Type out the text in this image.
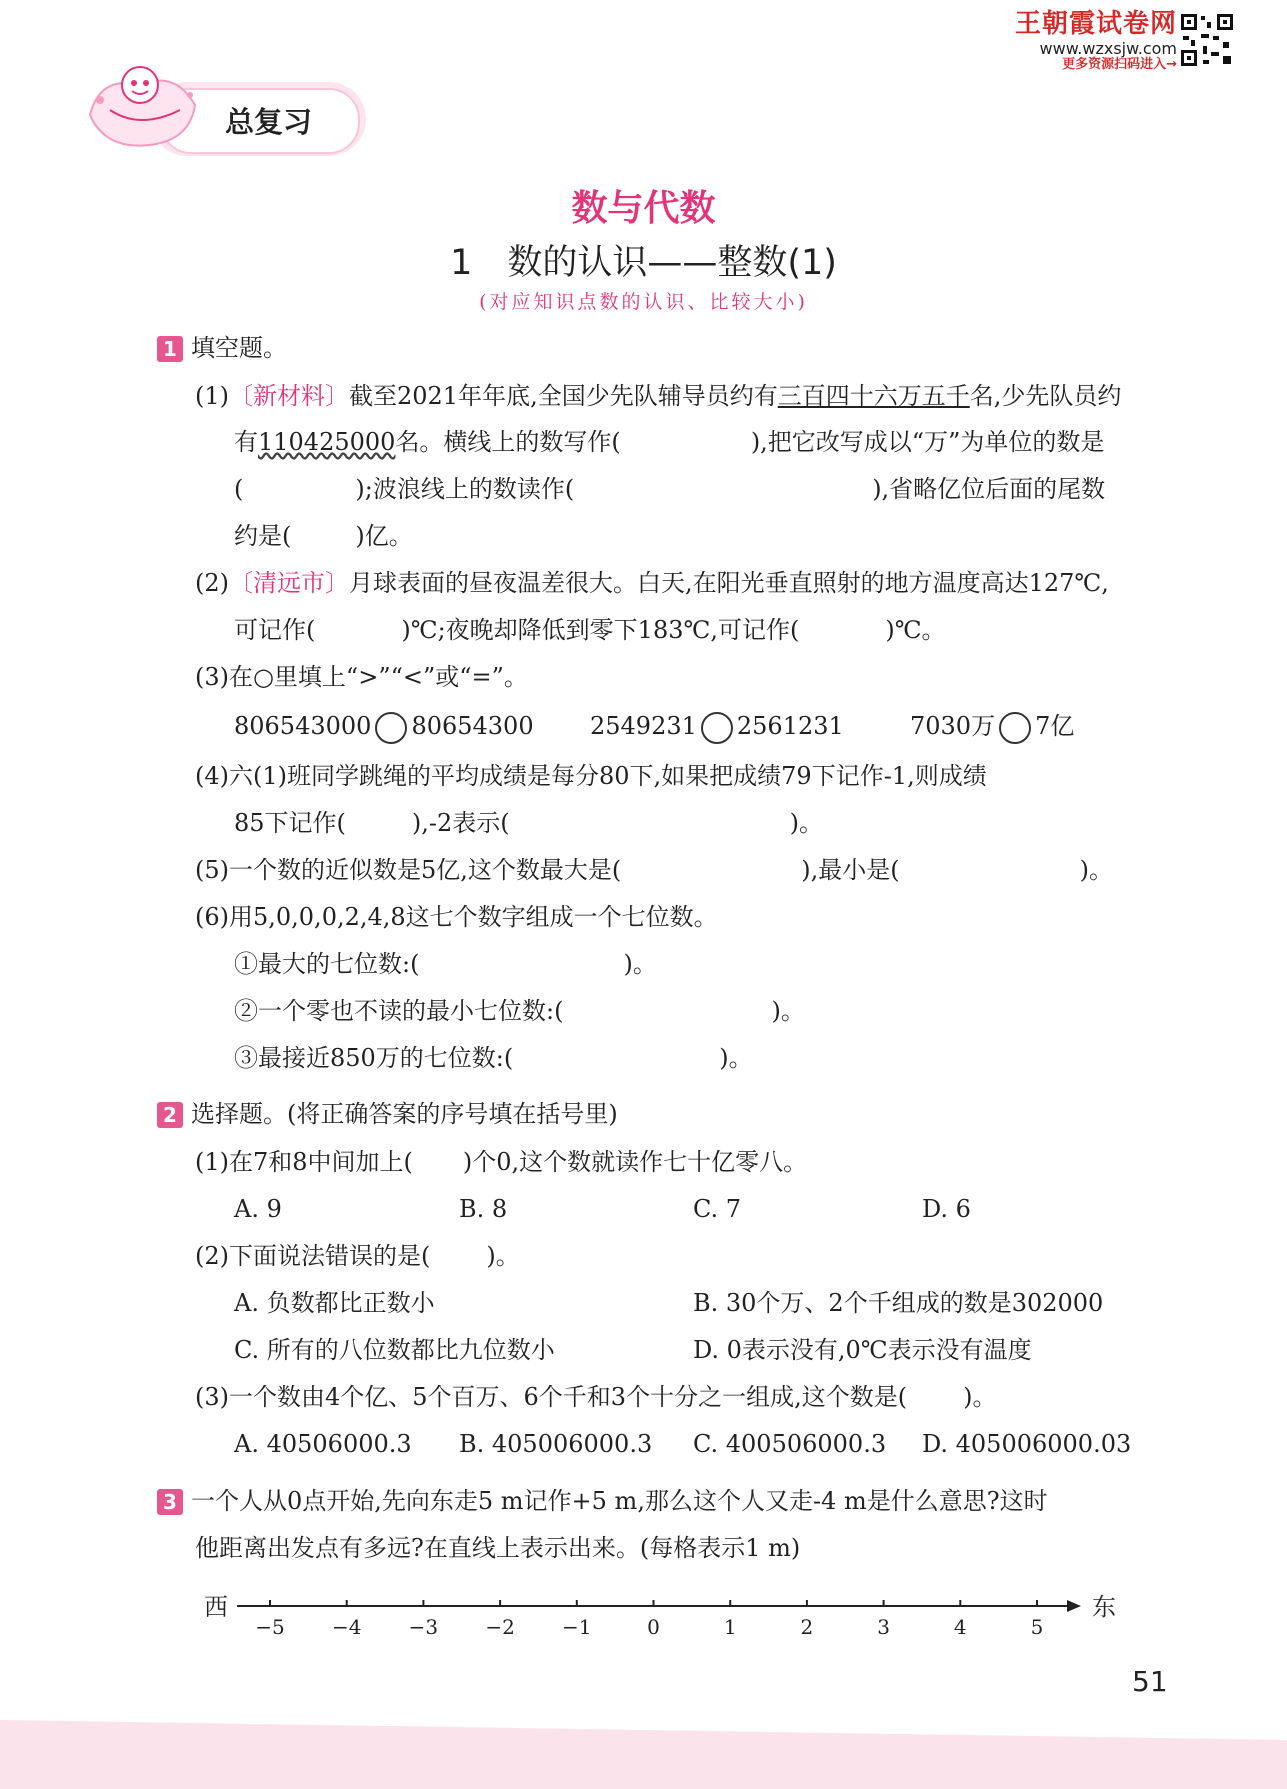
王朝霞试卷网
www.wzxsjw.com
更多资源扫码进入→
总复习
数与代数
1　数的认识——整数(1)
(对应知识点数的认识、比较大小)
1 填空题。
(1)〔新材料〕截至2021年年底,全国少先队辅导员约有三百四十六万五千名,少先队员约
有110425000名。横线上的数写作(	),把它改写成以“万”为单位的数是
(	);波浪线上的数读作(	),省略亿位后面的尾数
约是(	)亿。
(2)〔清远市〕月球表面的昼夜温差很大。白天,在阳光垂直照射的地方温度高达127℃,
可记作(	)℃;夜晚却降低到零下183℃,可记作(	)℃。
(3)在○里填上“>”“<”或“=”。
806543000 80654300 2549231 2561231	7030万 7亿
(4)六(1)班同学跳绳的平均成绩是每分80下,如果把成绩79下记作-1,则成绩
85下记作(	),-2表示(	)。
(5)一个数的近似数是5亿,这个数最大是(	),最小是(	)。
(6)用5,0,0,0,2,4,8这七个数字组成一个七位数。
①最大的七位数:(	)。
②一个零也不读的最小七位数:(	)。
③最接近850万的七位数:(	)。
2 选择题。(将正确答案的序号填在括号里)
(1)在7和8中间加上( )个0,这个数就读作七十亿零八。
A. 9	B. 8	C. 7	D. 6
(2)下面说法错误的是( )。
A. 负数都比正数小	B. 30个万、2个千组成的数是302000
C. 所有的八位数都比九位数小	D. 0表示没有,0℃表示没有温度
(3)一个数由4个亿、5个百万、6个千和3个十分之一组成,这个数是( )。
A. 40506000.3 B. 405006000.3 C. 400506000.3 D. 405006000.03
3 一个人从0点开始,先向东走5 m记作+5 m,那么这个人又走-4 m是什么意思?这时
他距离出发点有多远?在直线上表示出来。(每格表示1 m)
西	东
−5 −4 −3 −2 −1	0	1	2	3	4	5
51
